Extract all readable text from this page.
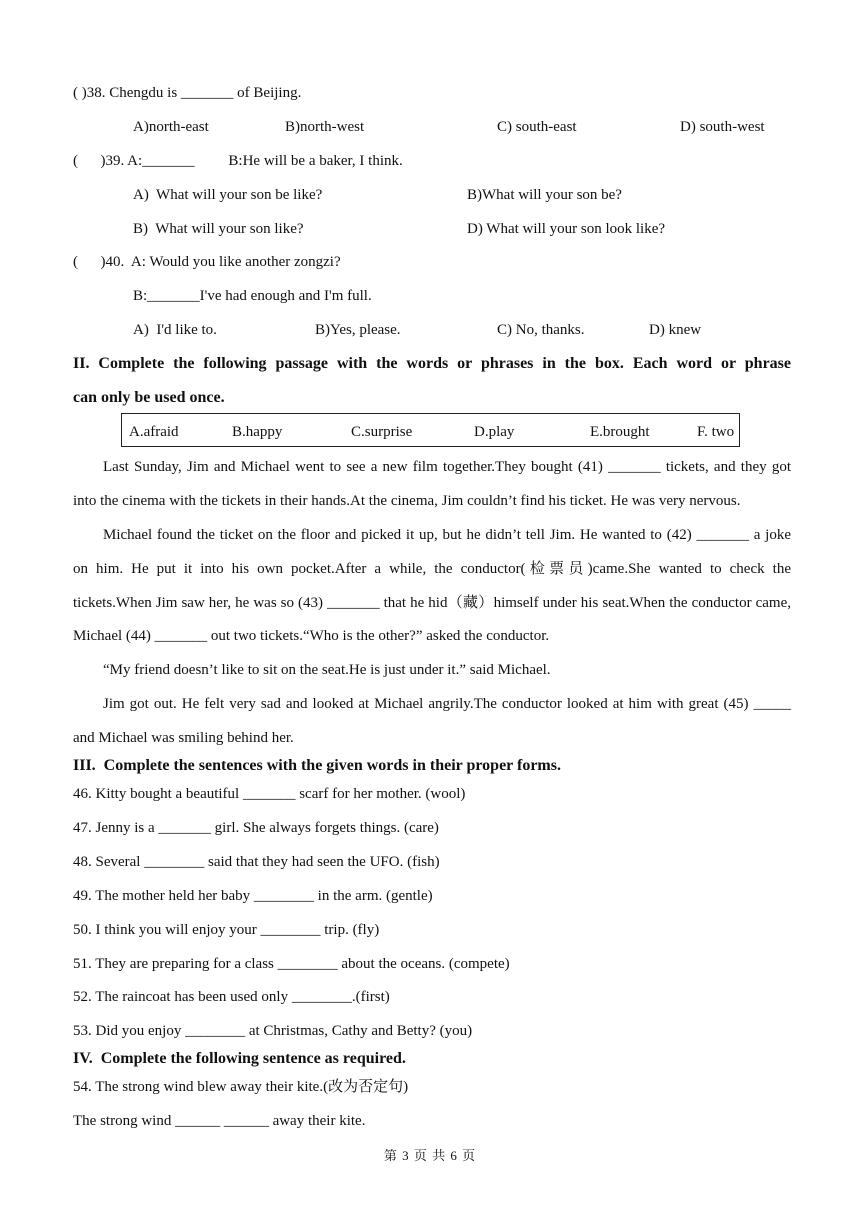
( )38. Chengdu is _______ of Beijing.
A)north-east	B)north-west	C) south-east	D) south-west
(      )39. A:_______         B:He will be a baker, I think.
A)  What will your son be like?	B)What will your son be?
B)  What will your son like?	D) What will your son look like?
(      )40.  A: Would you like another zongzi?
B:_______I've had enough and I'm full.
A)  I'd like to.	B)Yes, please.	C) No, thanks.	D) knew
II. Complete the following passage with the words or phrases in the box. Each word or phrase
can only be used once.
A.afraid	B.happy	C.surprise	D.play	E.brought	F. two
Last Sunday, Jim and Michael went to see a new film together.They bought (41) _______ tickets, and they got
into the cinema with the tickets in their hands.At the cinema, Jim couldn’t find his ticket. He was very nervous.
Michael found the ticket on the floor and picked it up, but he didn’t tell Jim. He wanted to (42) _______ a joke
on him. He put it into his own pocket.After a while, the conductor(检票员)came.She wanted to check the
tickets.When Jim saw her, he was so (43) _______ that he hid（藏）himself under his seat.When the conductor came,
Michael (44) _______ out two tickets.“Who is the other?” asked the conductor.
“My friend doesn’t like to sit on the seat.He is just under it.” said Michael.
Jim got out. He felt very sad and looked at Michael angrily.The conductor looked at him with great (45) _____
and Michael was smiling behind her.
III.  Complete the sentences with the given words in their proper forms.
46. Kitty bought a beautiful _______ scarf for her mother. (wool)
47. Jenny is a _______ girl. She always forgets things. (care)
48. Several ________ said that they had seen the UFO. (fish)
49. The mother held her baby ________ in the arm. (gentle)
50. I think you will enjoy your ________ trip. (fly)
51. They are preparing for a class ________ about the oceans. (compete)
52. The raincoat has been used only ________.(first)
53. Did you enjoy ________ at Christmas, Cathy and Betty? (you)
IV.  Complete the following sentence as required.
54. The strong wind blew away their kite.(改为否定句)
The strong wind ______ ______ away their kite.
第 3 页 共 6 页
